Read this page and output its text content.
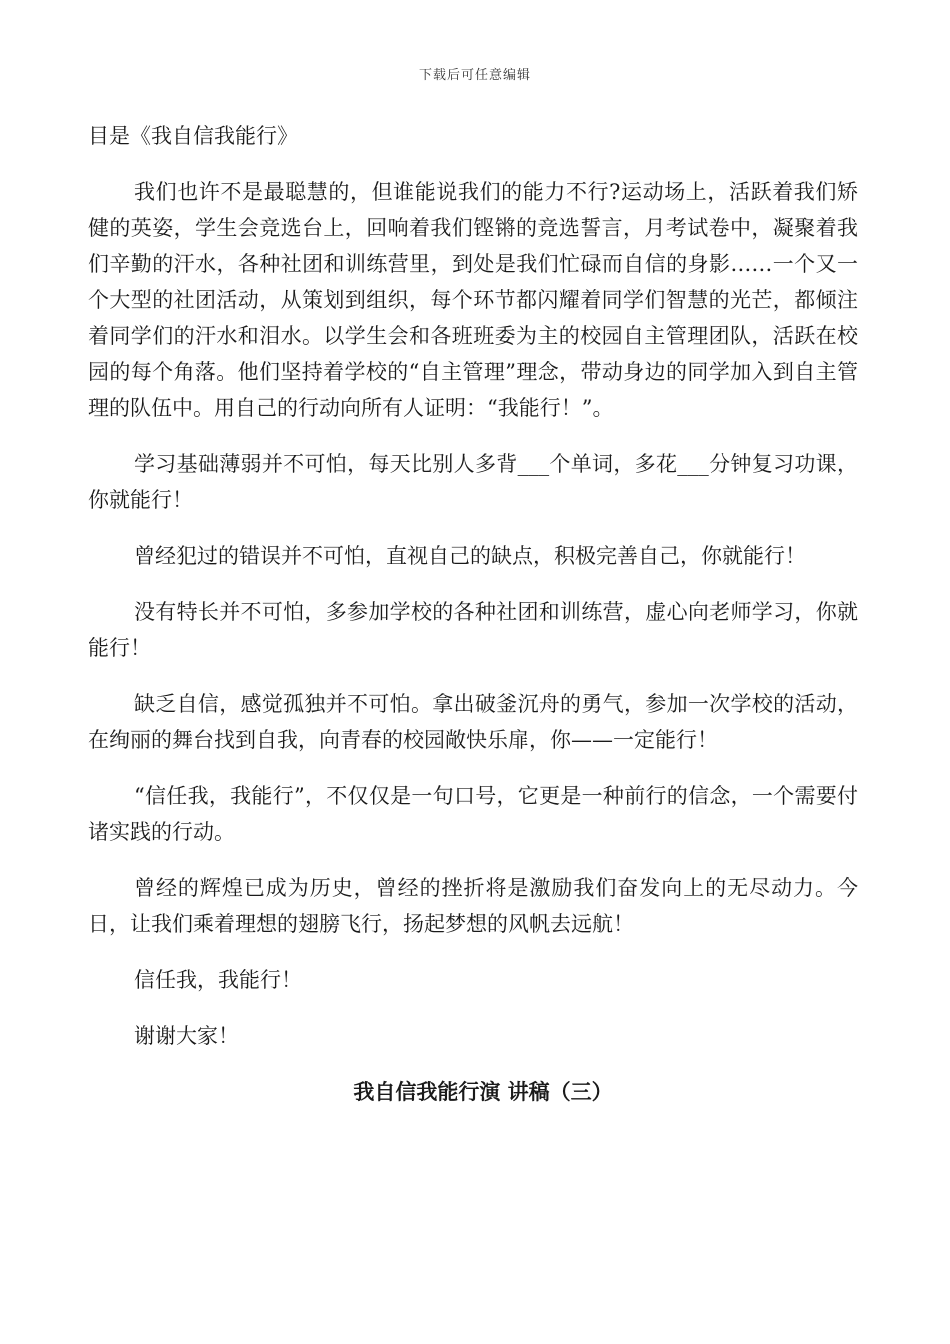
下载后可任意编辑

目是《我自信我能行》

我们也许不是最聪慧的，但谁能说我们的能力不行?运动场上，活跃着我们矫健的英姿，学生会竞选台上，回响着我们铿锵的竞选誓言，月考试卷中，凝聚着我们辛勤的汗水，各种社团和训练营里，到处是我们忙碌而自信的身影……一个又一个大型的社团活动，从策划到组织，每个环节都闪耀着同学们智慧的光芒，都倾注着同学们的汗水和泪水。以学生会和各班班委为主的校园自主管理团队，活跃在校园的每个角落。他们坚持着学校的“自主管理”理念，带动身边的同学加入到自主管理的队伍中。用自己的行动向所有人证明：“我能行！”。

学习基础薄弱并不可怕，每天比别人多背___个单词，多花___分钟复习功课，你就能行！

曾经犯过的错误并不可怕，直视自己的缺点，积极完善自己，你就能行！

没有特长并不可怕，多参加学校的各种社团和训练营，虚心向老师学习，你就能行！

缺乏自信，感觉孤独并不可怕。拿出破釜沉舟的勇气，参加一次学校的活动，在绚丽的舞台找到自我，向青春的校园敞快乐扉，你——一定能行！

“信任我，我能行”，不仅仅是一句口号，它更是一种前行的信念，一个需要付诸实践的行动。

曾经的辉煌已成为历史，曾经的挫折将是激励我们奋发向上的无尽动力。今日，让我们乘着理想的翅膀飞行，扬起梦想的风帆去远航！

信任我，我能行！

谢谢大家！

我自信我能行演 讲稿（三）
